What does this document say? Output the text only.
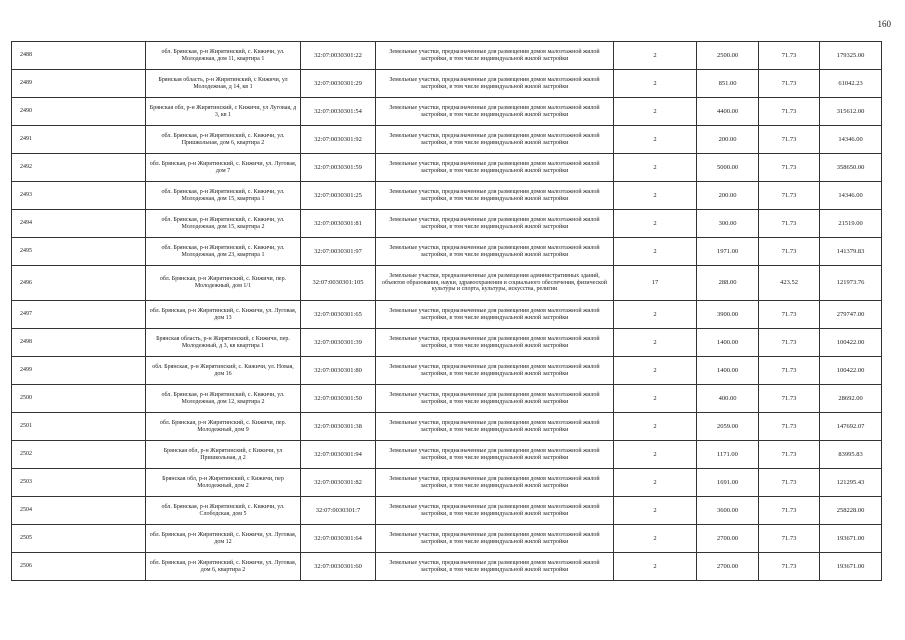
160
2488	обл. Брянская, р-н Жирятинский, с. Кижичи, ул. Молодежная, дом 11, квартира 1	32:07:0030301:22	Земельные участки, предназначенные для размещения домов малоэтажной жилой застройки, в том числе индивидуальной жилой застройки	2	2500.00	71.73	179325.00
2489	Брянская область, р-н Жирятинский, с Кижичи, ул Молодежная, д 14, кв 1	32:07:0030301:29	Земельные участки, предназначенные для размещения домов малоэтажной жилой застройки, в том числе индивидуальной жилой застройки	2	851.00	71.73	61042.23
2490	Брянская обл, р-н Жирятинский, с Кижичи, ул Луговая, д 3, кв 1	32:07:0030301:54	Земельные участки, предназначенные для размещения домов малоэтажной жилой застройки, в том числе индивидуальной жилой застройки	2	4400.00	71.73	315612.00
2491	обл. Брянская, р-н Жирятинский, с. Кижичи, ул. Пришкольная, дом 6, квартира 2	32:07:0030301:92	Земельные участки, предназначенные для размещения домов малоэтажной жилой застройки, в том числе индивидуальной жилой застройки	2	200.00	71.73	14346.00
2492	обл. Брянская, р-н Жирятинский, с. Кижичи, ул. Луговая, дом 7	32:07:0030301:59	Земельные участки, предназначенные для размещения домов малоэтажной жилой застройки, в том числе индивидуальной жилой застройки	2	5000.00	71.73	358650.00
2493	обл. Брянская, р-н Жирятинский, с. Кижичи, ул. Молодежная, дом 15, квартира 1	32:07:0030301:25	Земельные участки, предназначенные для размещения домов малоэтажной жилой застройки, в том числе индивидуальной жилой застройки	2	200.00	71.73	14346.00
2494	обл. Брянская, р-н Жирятинский, с. Кижичи, ул. Молодежная, дом 15, квартира 2	32:07:0030301:81	Земельные участки, предназначенные для размещения домов малоэтажной жилой застройки, в том числе индивидуальной жилой застройки	2	300.00	71.73	21519.00
2495	обл. Брянская, р-н Жирятинский, с. Кижичи, ул. Молодежная, дом 23, квартира 1	32:07:0030301:97	Земельные участки, предназначенные для размещения домов малоэтажной жилой застройки, в том числе индивидуальной жилой застройки	2	1971.00	71.73	141379.83
2496	обл. Брянская, р-н Жирятинский, с. Кижичи, пер. Молодежный, дом 1/1	32:07:0030301:105	Земельные участки, предназначенные для размещения административных зданий, объектов образования, науки, здравоохранения и социального обеспечения, физической культуры и спорта, культуры, искусства, религии	17	288.00	423.52	121973.76
2497	обл. Брянская, р-н Жирятинский, с. Кижичи, ул. Луговая, дом 13	32:07:0030301:65	Земельные участки, предназначенные для размещения домов малоэтажной жилой застройки, в том числе индивидуальной жилой застройки	2	3900.00	71.73	279747.00
2498	Брянская область, р-н Жирятинский, с Кижичи, пер. Молодежный, д 3, кв квартира 1	32:07:0030301:39	Земельные участки, предназначенные для размещения домов малоэтажной жилой застройки, в том числе индивидуальной жилой застройки	2	1400.00	71.73	100422.00
2499	обл. Брянская, р-н Жирятинский, с. Кижичи, ул. Новая, дом 16	32:07:0030301:80	Земельные участки, предназначенные для размещения домов малоэтажной жилой застройки, в том числе индивидуальной жилой застройки	2	1400.00	71.73	100422.00
2500	обл. Брянская, р-н Жирятинский, с. Кижичи, ул. Молодежная, дом 12, квартира 2	32:07:0030301:50	Земельные участки, предназначенные для размещения домов малоэтажной жилой застройки, в том числе индивидуальной жилой застройки	2	400.00	71.73	28692.00
2501	обл. Брянская, р-н Жирятинский, с. Кижичи, пер. Молодежный, дом 9	32:07:0030301:38	Земельные участки, предназначенные для размещения домов малоэтажной жилой застройки, в том числе индивидуальной жилой застройки	2	2059.00	71.73	147692.07
2502	Брянская обл, р-н Жирятинский, с Кижичи, ул Пришкольная, д 2	32:07:0030301:94	Земельные участки, предназначенные для размещения домов малоэтажной жилой застройки, в том числе индивидуальной жилой застройки	2	1171.00	71.73	83995.83
2503	Брянская обл, р-н Жирятинский, с Кижичи, пер Молодежный, дом 2	32:07:0030301:82	Земельные участки, предназначенные для размещения домов малоэтажной жилой застройки, в том числе индивидуальной жилой застройки	2	1691.00	71.73	121295.43
2504	обл. Брянская, р-н Жирятинский, с. Кижичи, ул. Слободская, дом 5	32:07:0030301:7	Земельные участки, предназначенные для размещения домов малоэтажной жилой застройки, в том числе индивидуальной жилой застройки	2	3600.00	71.73	258228.00
2505	обл. Брянская, р-н Жирятинский, с. Кижичи, ул. Луговая, дом 12	32:07:0030301:64	Земельные участки, предназначенные для размещения домов малоэтажной жилой застройки, в том числе индивидуальной жилой застройки	2	2700.00	71.73	193671.00
2506	обл. Брянская, р-н Жирятинский, с. Кижичи, ул. Луговая, дом 6, квартира 2	32:07:0030301:60	Земельные участки, предназначенные для размещения домов малоэтажной жилой застройки, в том числе индивидуальной жилой застройки	2	2700.00	71.73	193671.00
